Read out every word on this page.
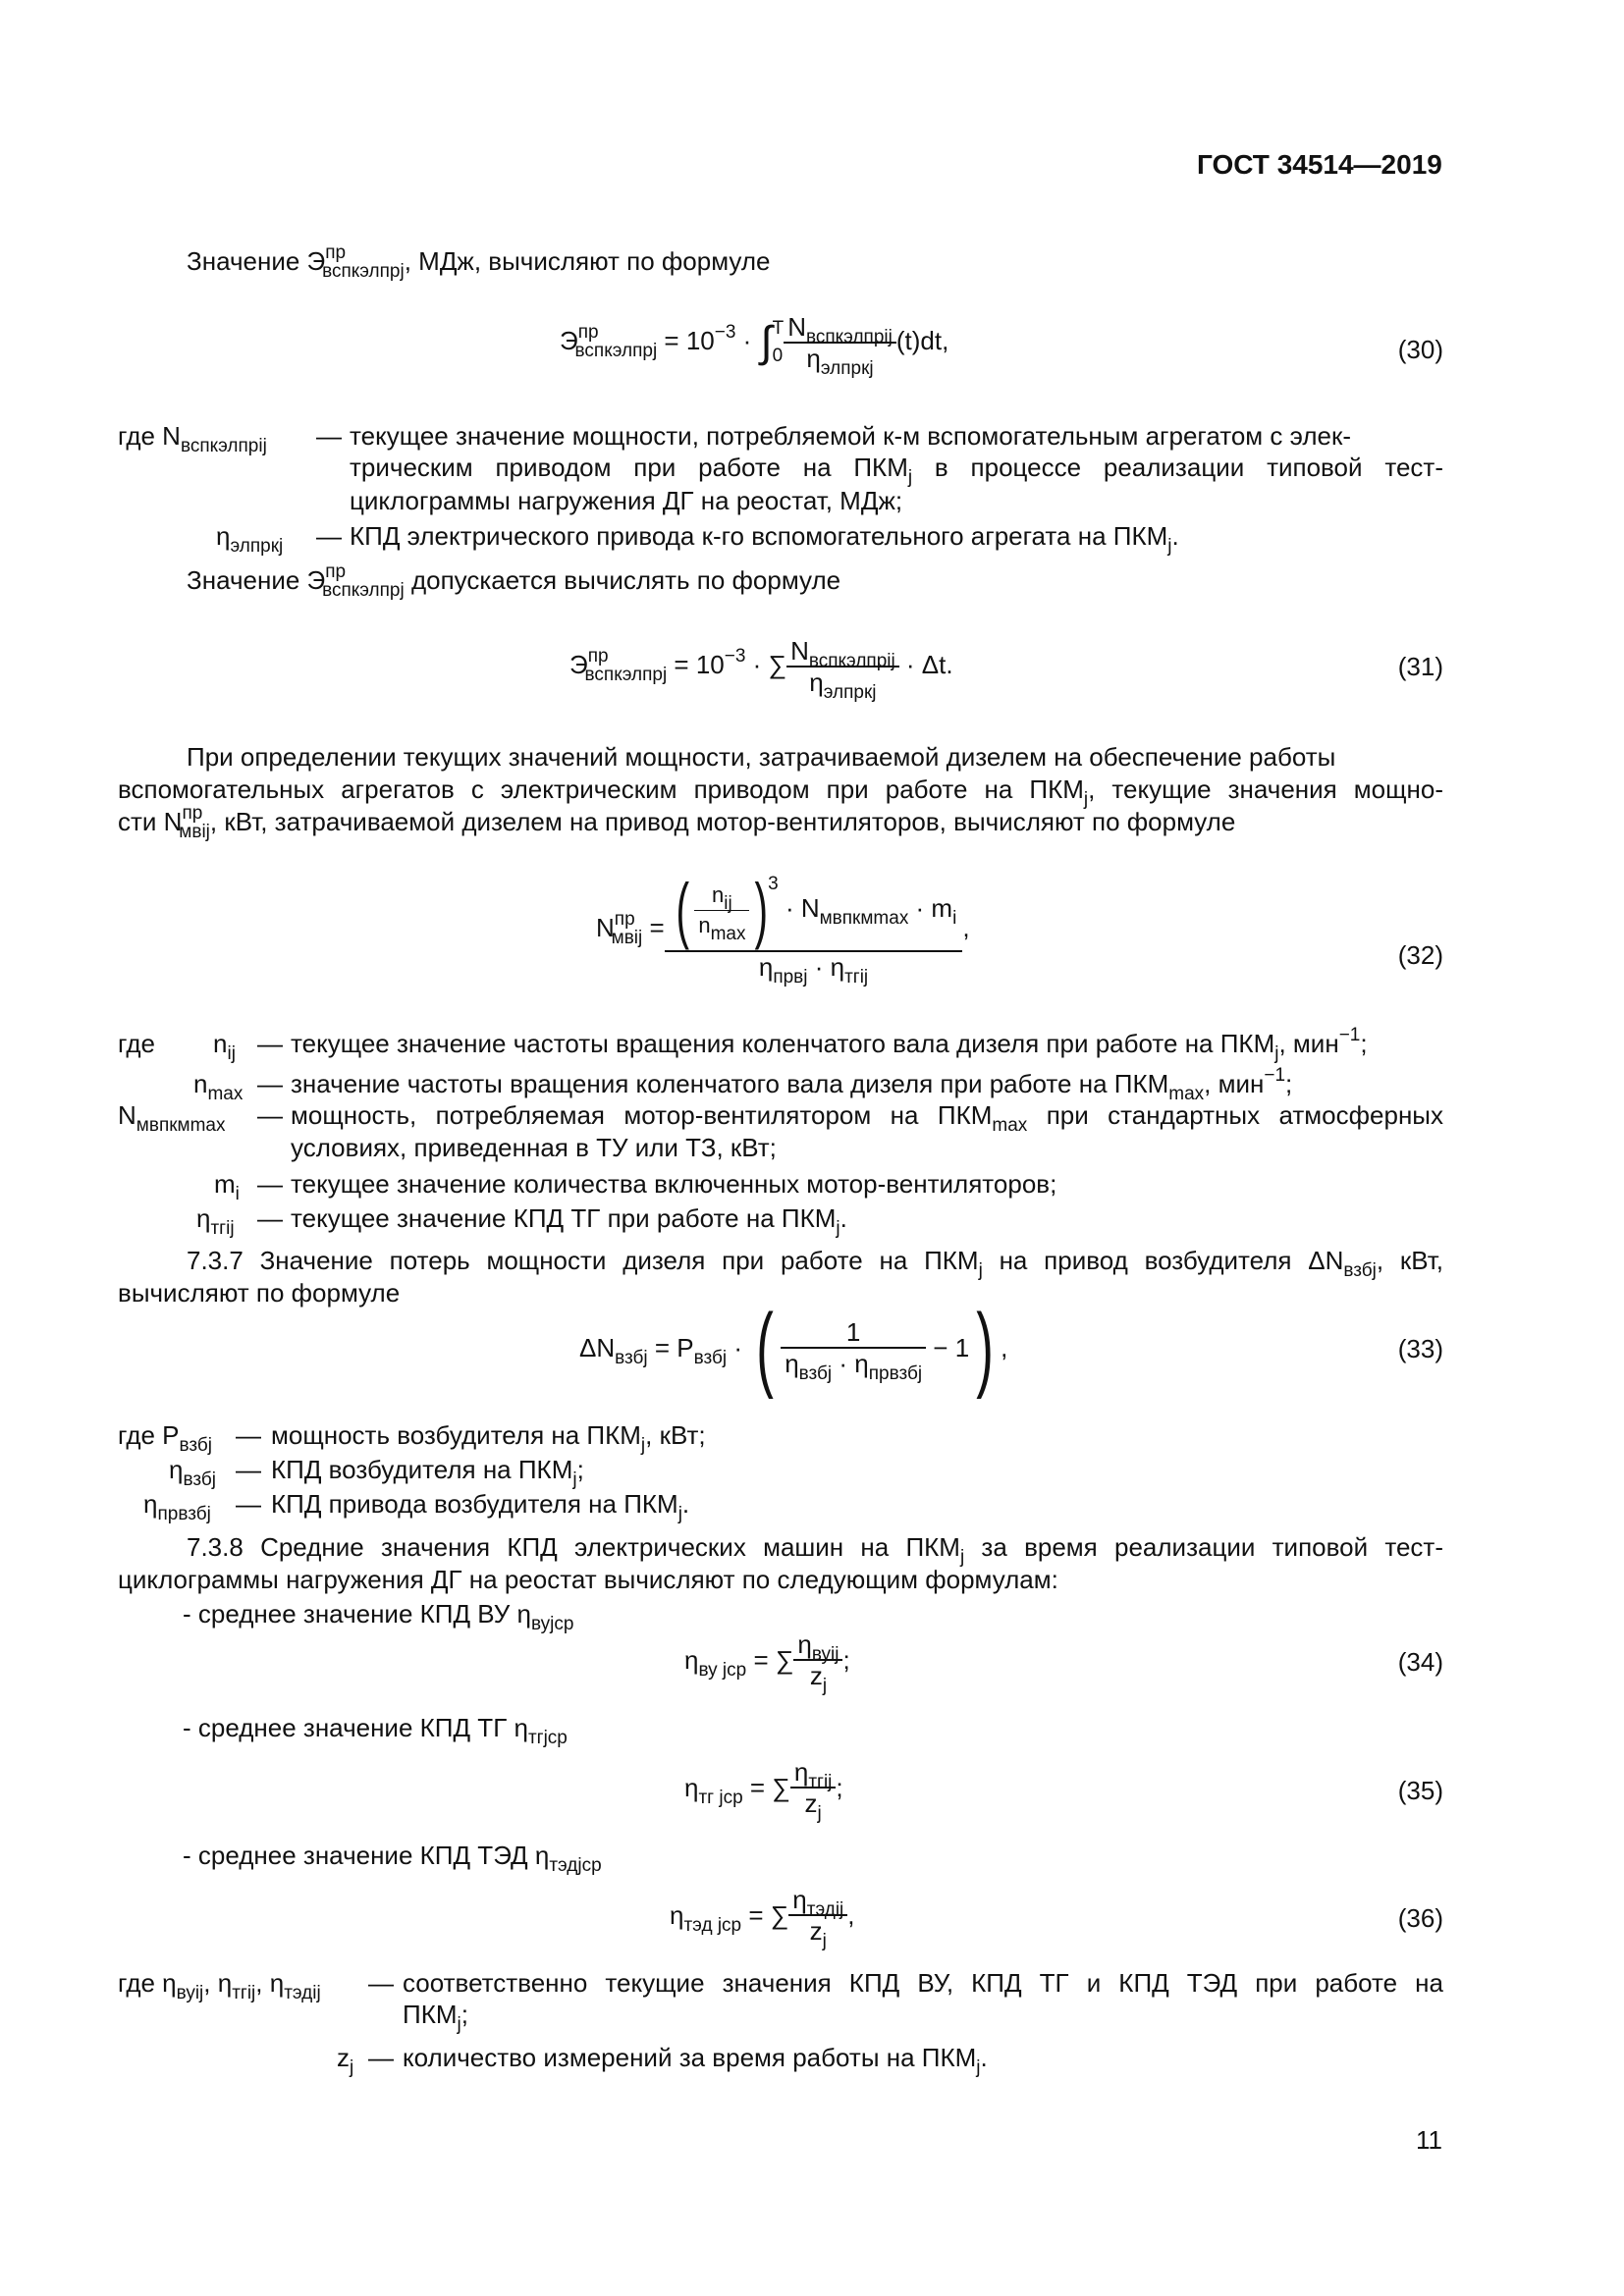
ГОСТ 34514—2019
Значение $Э^{пр}_{вспкэлпрj}$, МДж, вычисляют по формуле
$Э^{пр}_{вспкэлпрj} = 10^{-3}$ · ∫ T
$0 \frac{N_{вспкэлпрij}}{\eta_{элпркj}} (t)dt$,	(30)
где $N_{вспкэлпрij}$ — текущее значение мощности, потребляемой к-м вспомогательным агрегатом с элек-
трическим приводом при работе на $ПКМ_j$ в процессе реализации типовой тест-
циклограммы нагружения ДГ на реостат, МДж;
$\eta_{элпркj}$ — КПД электрического привода к-го вспомогательного агрегата на $ПКМ_j$.
Значение $Э^{пр}_{вспкэлпрj}$ допускается вычислять по формуле
$Э^{пр}_{вспкэлпрj} = 10^{-3}$ · ∑ $\frac{N_{вспкэлпрij}}{\eta_{элпркj}} \cdot \Delta t$.	(31)
При определении текущих значений мощности, затрачиваемой дизелем на обеспечение работы
вспомогательных агрегатов с электрическим приводом при работе на $ПКМ_j$, текущие значения мощно-
сти $N^{пр}_{мвij}$, кВт, затрачиваемой дизелем на привод мотор-вентиляторов, вычисляют по формуле
$N^{пр}_{мвij} = \frac{( \frac{n_{ij}}{n_{max}} )^3 \cdot N_{мвпкмmax} \cdot m_i}{\eta_{првj} \cdot \eta_{тгij}}$ ,
(32)
где $n_{ij}$ — текущее значение частоты вращения коленчатого вала дизеля при работе на $ПКМ_j$, мин$^{-1}$;
$n_{max}$ — значение частоты вращения коленчатого вала дизеля при работе на $ПКМ_{max}$, мин$^{-1}$;
$N_{мвпкмmax}$ — мощность, потребляемая мотор-вентилятором на $ПКМ_{max}$ при стандартных атмосферных
условиях, приведенная в ТУ или ТЗ, кВт;
$m_i$ — текущее значение количества включенных мотор-вентиляторов;
$\eta_{тгij}$ — текущее значение КПД ТГ при работе на $ПКМ_j$.
7.3.7 Значение потерь мощности дизеля при работе на $ПКМ_j$ на привод возбудителя $\Delta N_{взбj}$, кВт,
вычисляют по формуле
$\Delta N_{взбj} = P_{взбj}$ · ( $\frac{1}{\eta_{взбj} \cdot \eta_{првзбj}} - 1$) ,	(33)
где $P_{взбj}$ — мощность возбудителя на $ПКМ_j$, кВт;
$\eta_{взбj}$ — КПД возбудителя на $ПКМ_j$;
$\eta_{првзбj}$ — КПД привода возбудителя на $ПКМ_j$.
7.3.8 Средние значения КПД электрических машин на $ПКМ_j$ за время реализации типовой тест-
циклограммы нагружения ДГ на реостат вычисляют по следующим формулам:
- среднее значение КПД ВУ $\eta_{вуjср}$
$\eta_{ву jср}$ = ∑ $\frac{\eta_{вуij}}{z_j}$ ;	(34)
- среднее значение КПД ТГ $\eta_{тгjср}$
$\eta_{тг jср}$ = ∑ $\frac{\eta_{тгij}}{z_j}$ ;	(35)
- среднее значение КПД ТЭД $\eta_{тэдjср}$
$\eta_{тэд jср}$ = ∑ $\frac{\eta_{тэдij}}{z_j}$ ,	(36)
где $\eta_{вуij}$, $\eta_{тгij}$, $\eta_{тэдij}$ — соответственно текущие значения КПД ВУ, КПД ТГ и КПД ТЭД при работе на
$ПКМ_j$;
$z_j$ — количество измерений за время работы на $ПКМ_j$.
11
